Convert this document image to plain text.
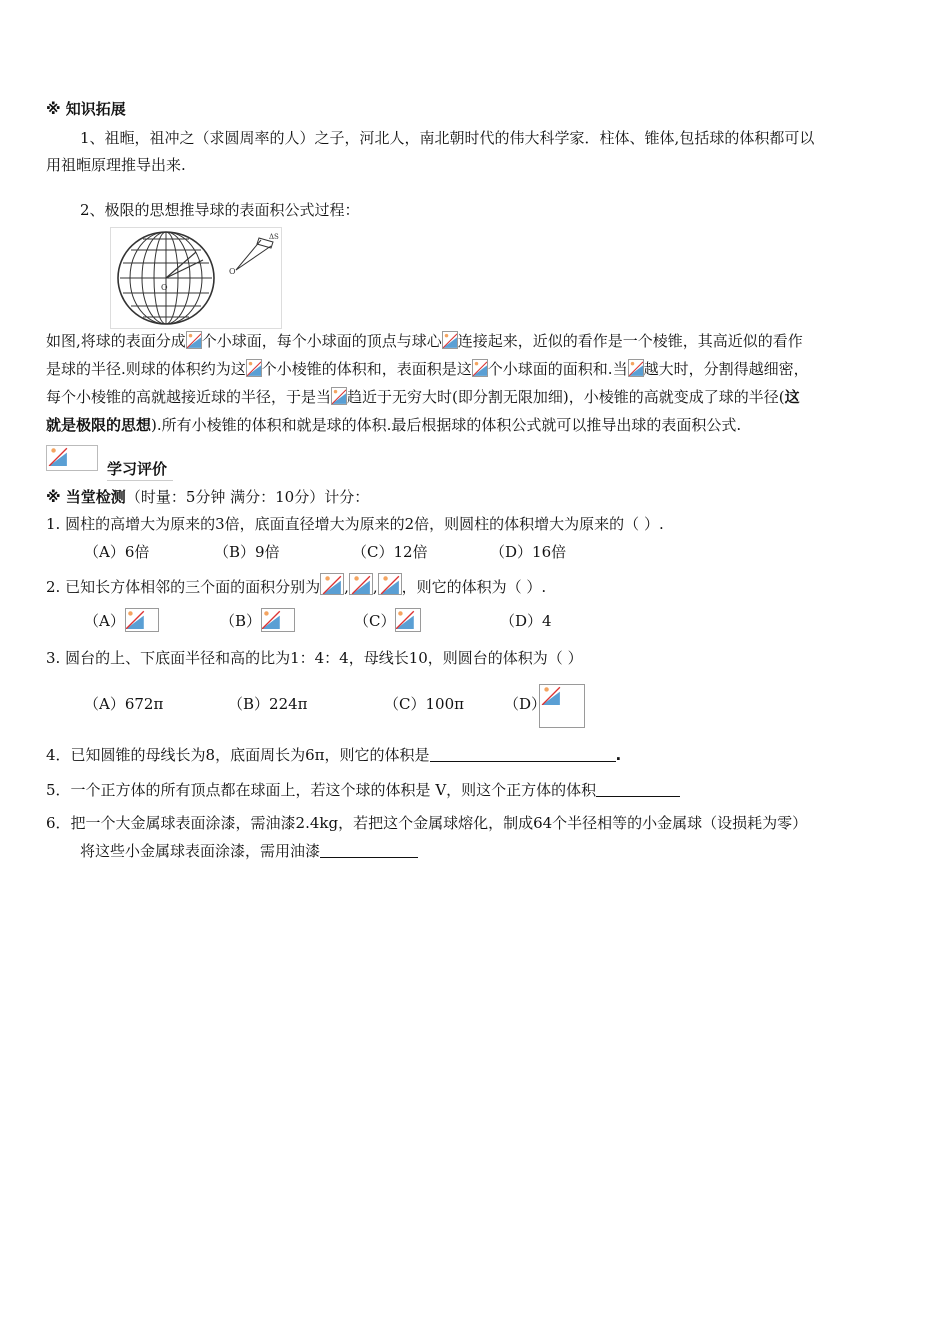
※ 知识拓展
1、祖暅，祖冲之（求圆周率的人）之子，河北人，南北朝时代的伟大科学家．柱体、锥体,包括球的体积都可以
用祖暅原理推导出来.
2、极限的思想推导球的表面积公式过程：
O
O
ΔS
如图,将球的表面分成 个小球面，每个小球面的顶点与球心 连接起来，近似的看作是一个棱锥，其高近似的看作
是球的半径.则球的体积约为这 个小棱锥的体积和，表面积是这 个小球面的面积和.当 越大时，分割得越细密，
每个小棱锥的高就越接近球的半径，于是当 趋近于无穷大时(即分割无限加细)，小棱锥的高就变成了球的半径(这
就是极限的思想).所有小棱锥的体积和就是球的体积.最后根据球的体积公式就可以推导出球的表面积公式.
学习评价
※ 当堂检测（时量：5分钟 满分：10分）计分：
1. 圆柱的高增大为原来的3倍，底面直径增大为原来的2倍，则圆柱的体积增大为原来的（ ）.
（A）6倍	（B）9倍	（C）12倍	（D）16倍
2. 已知长方体相邻的三个面的面积分别为 , , ，则它的体积为（ ）.
（A）	（B）	（C）	（D）4
3. 圆台的上、下底面半径和高的比为1：4：4，母线长10，则圆台的体积为（ ）
（A）672π	（B）224π	（C）100π	（D）
4．已知圆锥的母线长为8，底面周长为6π，则它的体积是	.
5．一个正方体的所有顶点都在球面上，若这个球的体积是 V，则这个正方体的体积
6．把一个大金属球表面涂漆，需油漆2.4kg，若把这个金属球熔化，制成64个半径相等的小金属球（设损耗为零）
将这些小金属球表面涂漆，需用油漆
